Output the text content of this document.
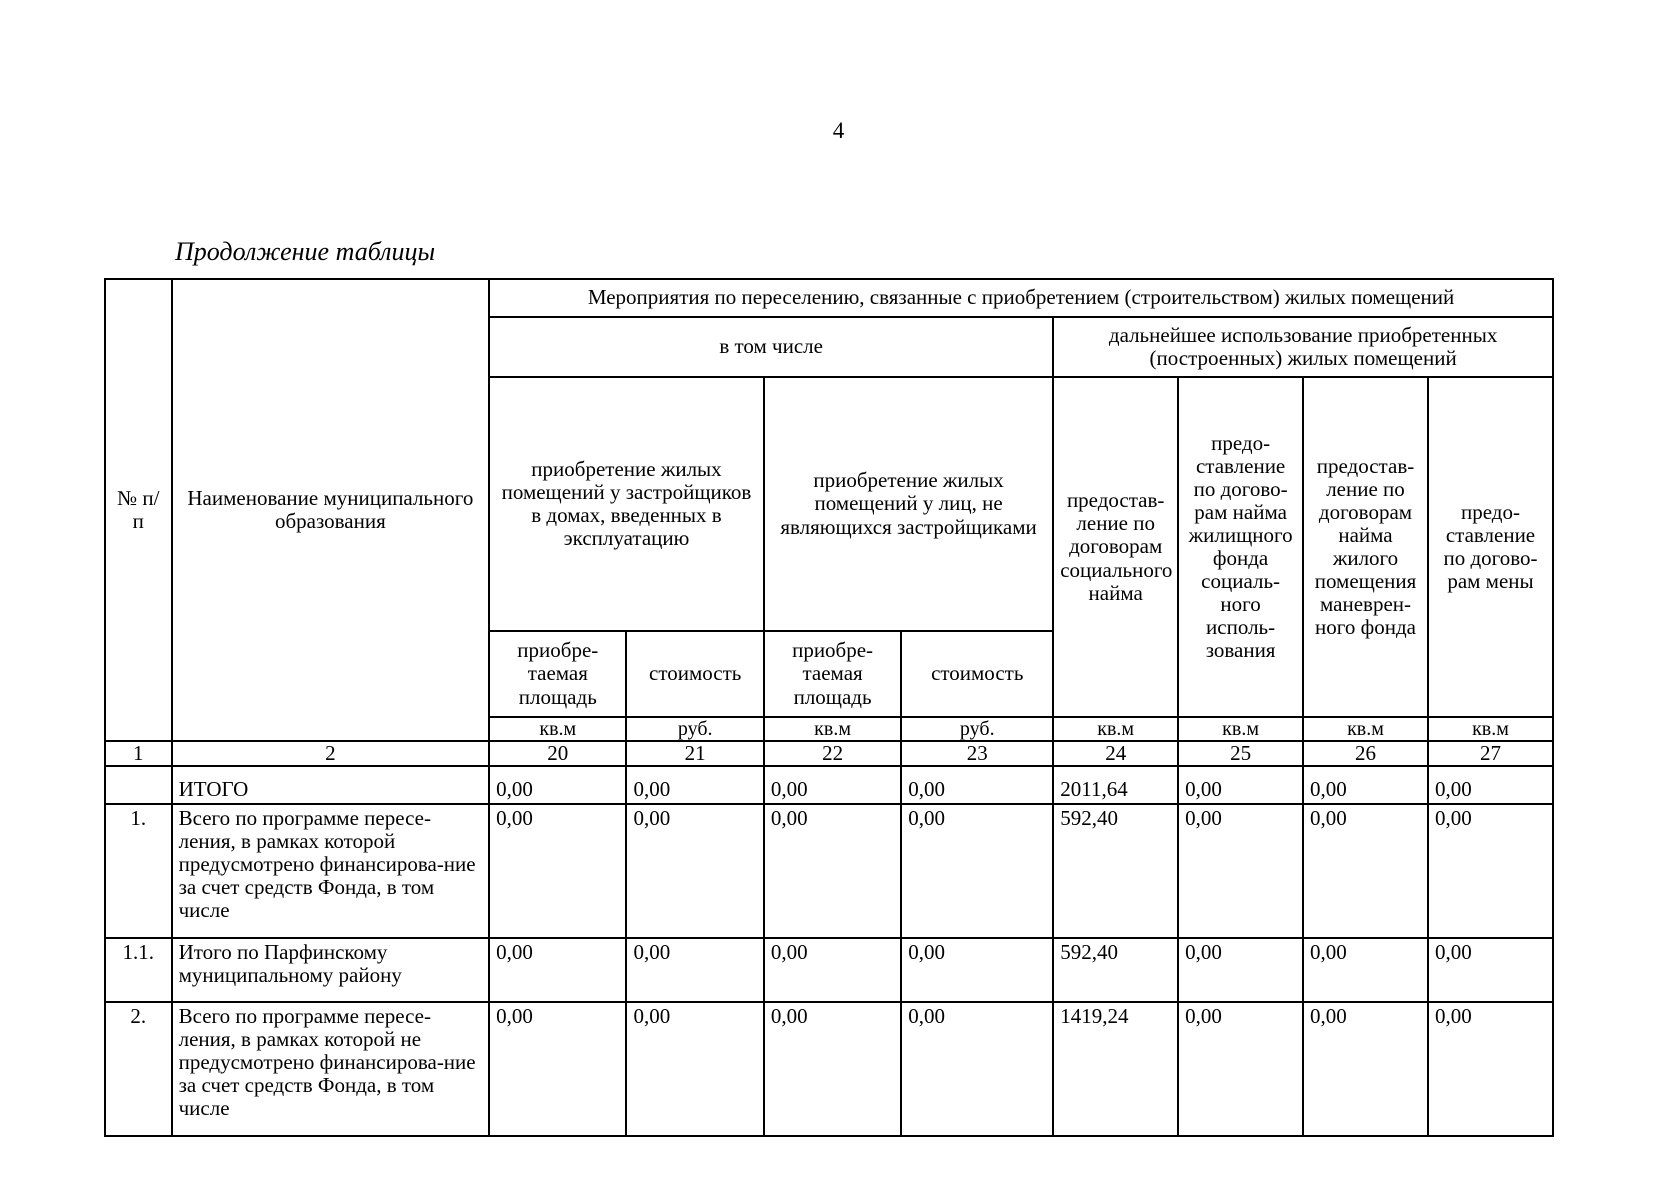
4
Продолжение таблицы
№ п/п	Наименование муниципального образования	Мероприятия по переселению, связанные с приобретением (строительством) жилых помещений							
		в том числе				дальнейшее использование приобретенных (построенных) жилых помещений			
		приобретение жилых помещений у застройщиков в домах, введенных в эксплуатацию		приобретение жилых помещений у лиц, не являющихся застройщиками		предостав-ление по договорам социального найма	предо-ставление по догово-рам найма жилищного фонда социаль-ного исполь-зования	предостав-ление по договорам найма жилого помещения маневрен-ного фонда	предо-ставление по догово-рам мены
		приобре-таемая площадь	стоимость	приобре-таемая площадь	стоимость				
		кв.м	руб.	кв.м	руб.	кв.м	кв.м	кв.м	кв.м
1	2	20	21	22	23	24	25	26	27
	ИТОГО	0,00	0,00	0,00	0,00	2011,64	0,00	0,00	0,00
1.	Всего по программе пересе-ления, в рамках которой предусмотрено финансирова-ние за счет средств Фонда, в том числе	0,00	0,00	0,00	0,00	592,40	0,00	0,00	0,00
1.1.	Итого по Парфинскому муниципальному району	0,00	0,00	0,00	0,00	592,40	0,00	0,00	0,00
2.	Всего по программе пересе-ления, в рамках которой не предусмотрено финансирова-ние за счет средств Фонда, в том числе	0,00	0,00	0,00	0,00	1419,24	0,00	0,00	0,00
